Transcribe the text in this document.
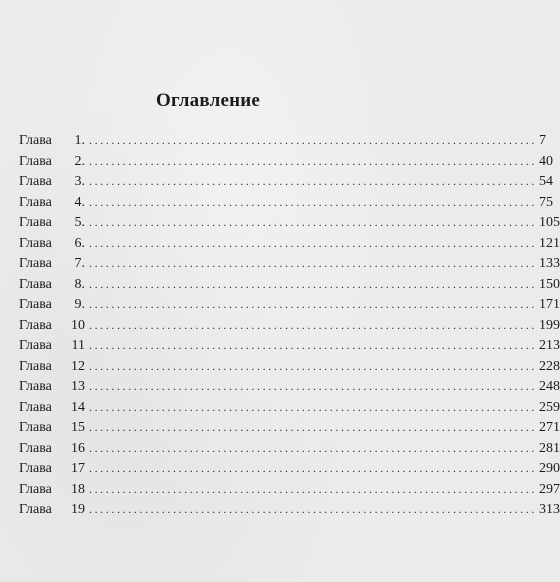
Оглавление
Глава	1. ................................................................................ 7
Глава	2. ................................................................................ 40
Глава	3. ................................................................................ 54
Глава	4. ................................................................................ 75
Глава	5. ................................................................................ 105
Глава	6. ................................................................................ 121
Глава	7. ................................................................................ 133
Глава	8. ................................................................................ 150
Глава	9. ................................................................................ 171
Глава	10 ................................................................................ 199
Глава	11 ................................................................................ 213
Глава	12 ................................................................................ 228
Глава	13 ................................................................................ 248
Глава	14 ................................................................................ 259
Глава	15 ................................................................................ 271
Глава	16 ................................................................................ 281
Глава	17 ................................................................................ 290
Глава	18 ................................................................................ 297
Глава	19 ................................................................................ 313
